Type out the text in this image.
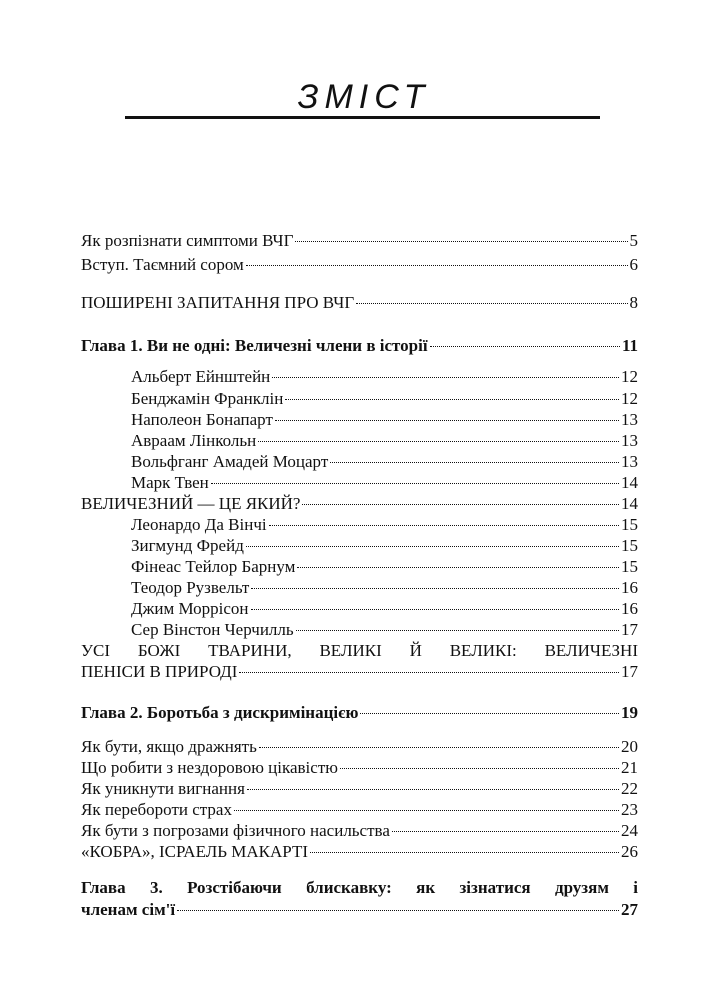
ЗМІСТ
Як розпізнати симптоми ВЧГ	5
Вступ. Таємний сором	6
ПОШИРЕНІ ЗАПИТАННЯ ПРО ВЧГ	8
Глава 1. Ви не одні: Величезні члени в історії	11
Альберт Ейнштейн	12
Бенджамін Франклін	12
Наполеон Бонапарт	13
Авраам Лінкольн	13
Вольфганг Амадей Моцарт	13
Марк Твен	14
ВЕЛИЧЕЗНИЙ — ЦЕ ЯКИЙ?	14
Леонардо Да Вінчі	15
Зигмунд Фрейд	15
Фінеас Тейлор Барнум	15
Теодор Рузвельт	16
Джим Моррісон	16
Сер Вінстон Черчилль	17
УСІ БОЖІ ТВАРИНИ, ВЕЛИКІ Й ВЕЛИКІ: ВЕЛИЧЕЗНІ
ПЕНІСИ В ПРИРОДІ	17
Глава 2. Боротьба з дискримінацією	19
Як бути, якщо дражнять	20
Що робити з нездоровою цікавістю	21
Як уникнути вигнання	22
Як перебороти страх	23
Як бути з погрозами фізичного насильства	24
«КОБРА», ІСРАЕЛЬ МАКАРТІ	26
Глава 3. Розстібаючи блискавку: як зізнатися друзям і
членам сім'ї	27
